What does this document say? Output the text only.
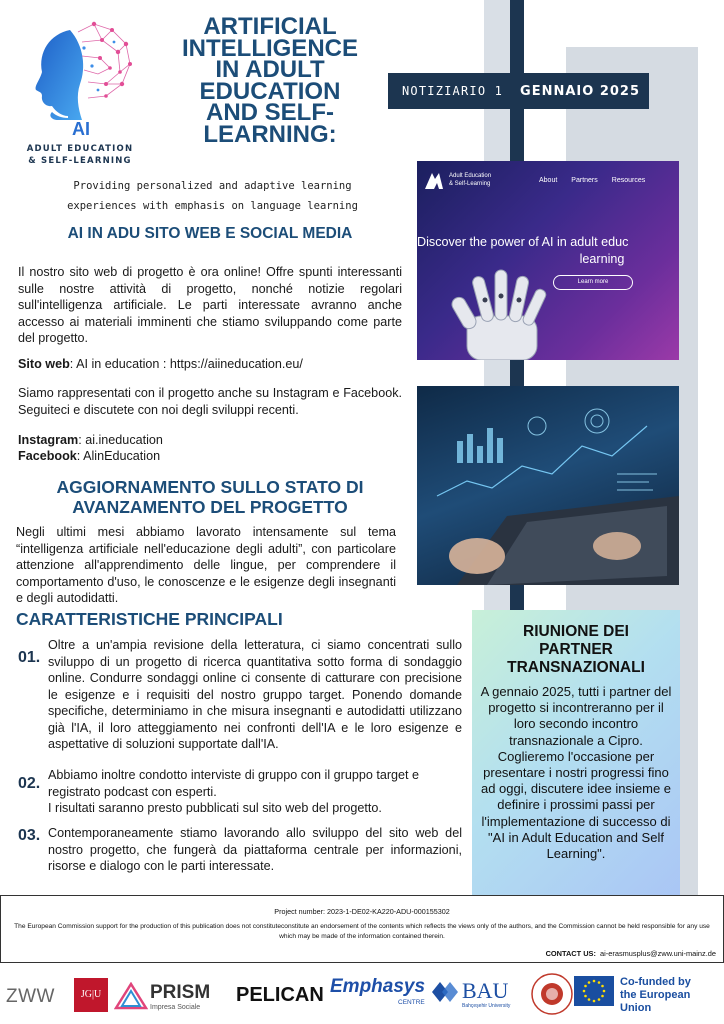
AI
ADULT EDUCATION
& SELF-LEARNING
ARTIFICIAL
INTELLIGENCE
IN ADULT
EDUCATION
AND SELF-
LEARNING:
Providing personalized and adaptive learning
experiences with emphasis on language learning
NOTIZIARIO 1 GENNAIO 2025
AI IN ADU SITO WEB E SOCIAL MEDIA

Il nostro sito web di progetto è ora online! Offre spunti interessanti sulle nostre attività di progetto, nonché notizie regolari sull'intelligenza artificiale. Le parti interessate avranno anche accesso ai materiali imminenti che stiamo sviluppando come parte del progetto.

Sito web: AI in education : https://aiineducation.eu/

Siamo rappresentati con il progetto anche su Instagram e Facebook. Seguiteci e discutete con noi degli sviluppi recenti.

Instagram: ai.ineducation
Facebook: AlinEducation
AGGIORNAMENTO SULLO STATO DI
AVANZAMENTO DEL PROGETTO

Negli ultimi mesi abbiamo lavorato intensamente sul tema “intelligenza artificiale nell'educazione degli adulti”, con particolare attenzione all'apprendimento delle lingue, per comprendere il comportamento d'uso, le conoscenze e le esigenze degli insegnanti e degli autodidatti.

CARATTERISTICHE PRINCIPALI
01.

Oltre a un'ampia revisione della letteratura, ci siamo concentrati sullo sviluppo di un progetto di ricerca quantitativa sotto forma di sondaggio online. Condurre sondaggi online ci consente di catturare con precisione le esigenze e i requisiti del nostro gruppo target. Ponendo domande specifiche, determiniamo in che misura insegnanti e autodidatti utilizzano già l'IA, il loro atteggiamento nei confronti dell'IA e le loro esigenze e aspettative di soluzioni supportate dall'IA.

02. Abbiamo inoltre condotto interviste di gruppo con il gruppo target e registrato podcast con esperti.
I risultati saranno presto pubblicati sul sito web del progetto.
03. Contemporaneamente stiamo lavorando allo sviluppo del sito web del nostro progetto, che fungerà da piattaforma centrale per informazioni, risorse e dialogo con le parti interessate.

Adult Education
& Self-Learning	About Partners Resources
Discover the power of AI in adult educ
learning
Learn more
RIUNIONE DEI
PARTNER
TRANSNAZIONALI

A gennaio 2025, tutti i partner del progetto si incontreranno per il loro secondo incontro transnazionale a Cipro. Coglieremo l'occasione per presentare i nostri progressi fino ad oggi, discutere idee insieme e definire i prossimi passi per l'implementazione di successo di "AI in Adult Education and Self Learning".

Project number: 2023-1-DE02-KA220-ADU-000155302
The European Commission support for the production of this publication does not constituteconstitute an endorsement of the contents which reflects the views only of the authors, and the Commission cannot be held responsible for any use which may be made of the information contained therein.
CONTACT US: ai-erasmusplus@zww.uni-mainz.de
ZWW	JG|U	PRISM
Impresa Sociale
PELICAN Emphasys
CENTRE BAU
Bahçeşehir University
Co-funded by
the European Union
